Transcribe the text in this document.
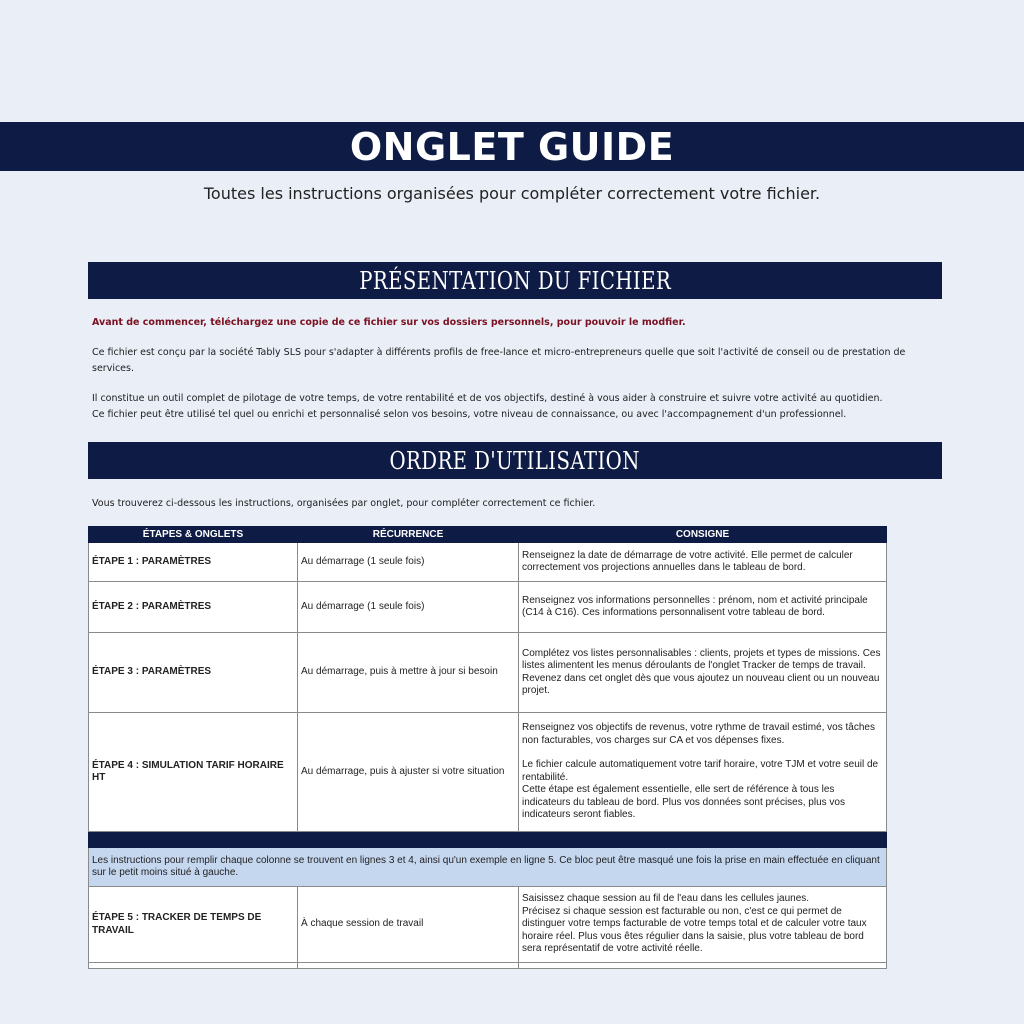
ONGLET GUIDE
Toutes les instructions organisées pour compléter correctement votre fichier.
PRÉSENTATION DU FICHIER
Avant de commencer, téléchargez une copie de ce fichier sur vos dossiers personnels, pour pouvoir le modfier.
Ce fichier est conçu par la société Tably SLS pour s'adapter à différents profils de free-lance et micro-entrepreneurs quelle que soit l'activité de conseil ou de prestation de services.
Il constitue un outil complet de pilotage de votre temps, de votre rentabilité et de vos objectifs, destiné à vous aider à construire et suivre votre activité au quotidien.
Ce fichier peut être utilisé tel quel ou enrichi et personnalisé selon vos besoins, votre niveau de connaissance, ou avec l'accompagnement d'un professionnel.
ORDRE D'UTILISATION
Vous trouverez ci-dessous les instructions, organisées par onglet, pour compléter correctement ce fichier.
ÉTAPES & ONGLETS	RÉCURRENCE	CONSIGNE
ÉTAPE 1 : PARAMÈTRES	Au démarrage (1 seule fois)	Renseignez la date de démarrage de votre activité. Elle permet de calculer correctement vos projections annuelles dans le tableau de bord.

ÉTAPE 2 : PARAMÈTRES	Au démarrage (1 seule fois)	Renseignez vos informations personnelles : prénom, nom et activité principale (C14 à C16). Ces informations personnalisent votre tableau de bord.

ÉTAPE 3 : PARAMÈTRES	Au démarrage, puis à mettre à jour si besoin	Complétez vos listes personnalisables : clients, projets et types de missions. Ces listes alimentent les menus déroulants de l'onglet Tracker de temps de travail.
Revenez dans cet onglet dès que vous ajoutez un nouveau client ou un nouveau projet.

ÉTAPE 4 : SIMULATION TARIF HORAIRE HT	Au démarrage, puis à ajuster si votre situation	Renseignez vos objectifs de revenus, votre rythme de travail estimé, vos tâches non facturables, vos charges sur CA et vos dépenses fixes.
Le fichier calcule automatiquement votre tarif horaire, votre TJM et votre seuil de rentabilité.
Cette étape est également essentielle, elle sert de référence à tous les indicateurs du tableau de bord. Plus vos données sont précises, plus vos indicateurs seront fiables.

Les instructions pour remplir chaque colonne se trouvent en lignes 3 et 4, ainsi qu'un exemple en ligne 5. Ce bloc peut être masqué une fois la prise en main effectuée en cliquant sur le petit moins situé à gauche.		
ÉTAPE 5 : TRACKER DE TEMPS DE TRAVAIL	À chaque session de travail	Saisissez chaque session au fil de l'eau dans les cellules jaunes.
Précisez si chaque session est facturable ou non, c'est ce qui permet de distinguer votre temps facturable de votre temps total et de calculer votre taux horaire réel. Plus vous êtes régulier dans la saisie, plus votre tableau de bord sera représentatif de votre activité réelle.
